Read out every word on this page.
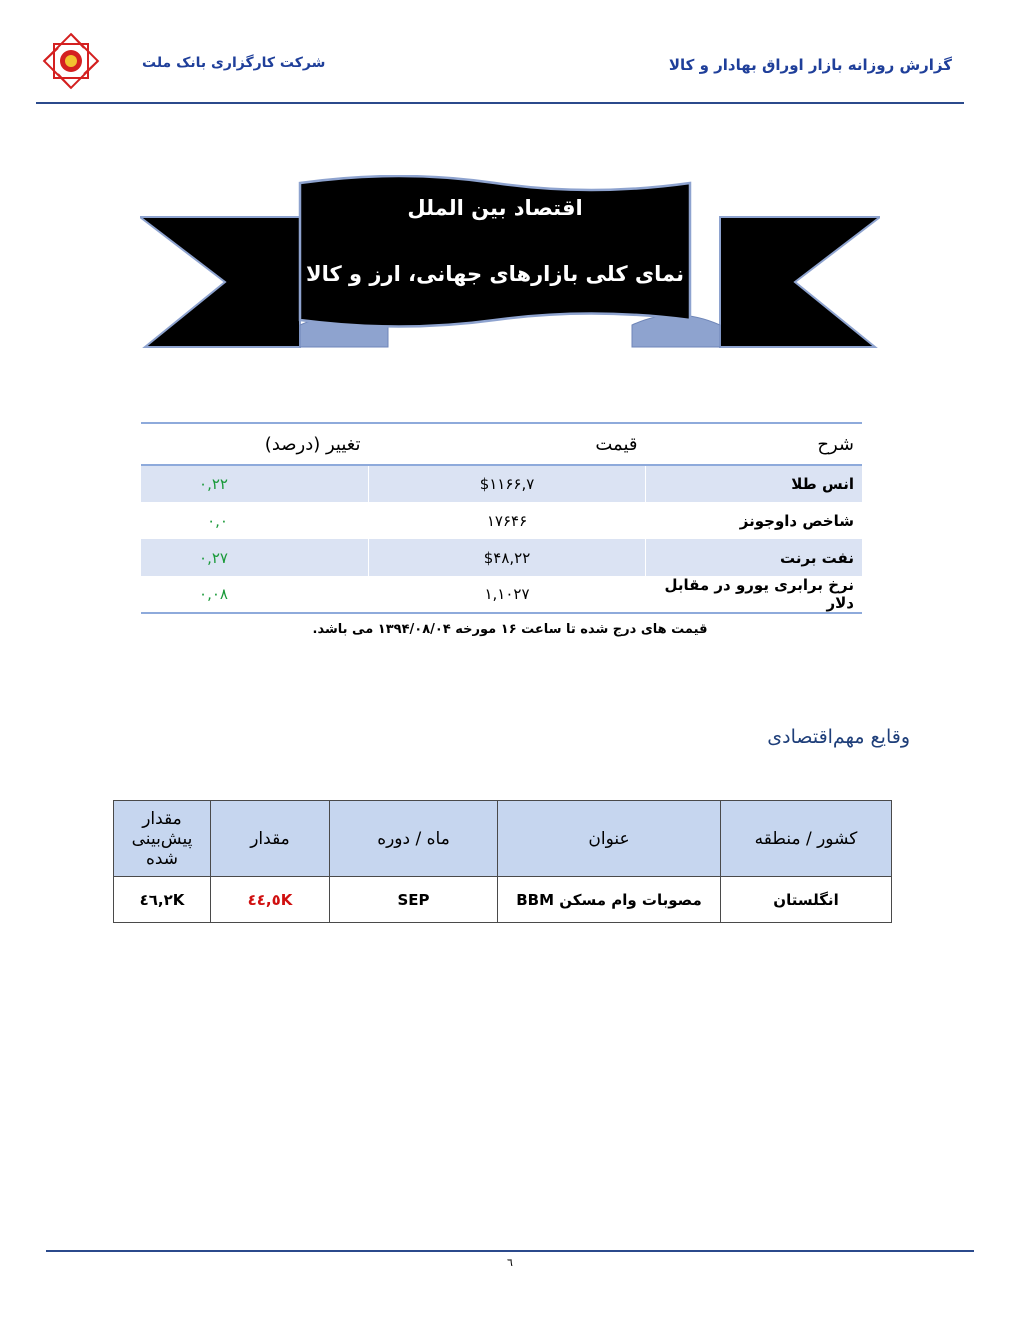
گزارش روزانه بازار اوراق بهادار و کالا
شرکت کارگزاری بانک ملت
اقتصاد بین الملل
نمای کلی بازارهای جهانی، ارز و کالا
شرح	قیمت	تغییر (درصد)
انس طلا	$۱۱۶۶,۷	۰,۲۲
شاخص داوجونز	۱۷۶۴۶	۰,۰
نفت برنت	$۴۸,۲۲	۰,۲۷
نرخ برابری یورو در مقابل دلار	۱,۱۰۲۷	۰,۰۸
قیمت های درج شده تا ساعت ۱۶ مورخه ۱۳۹۴/۰۸/۰۴ می باشد.
وقایع مهم‌اقتصادی
کشور / منطقه	عنوان	ماه / دوره	مقدار	مقدار پیش‌بینی شده
انگلستان	مصوبات وام مسکن BBM	SEP	٤٤,٥K	٤٦,٢K
٦
